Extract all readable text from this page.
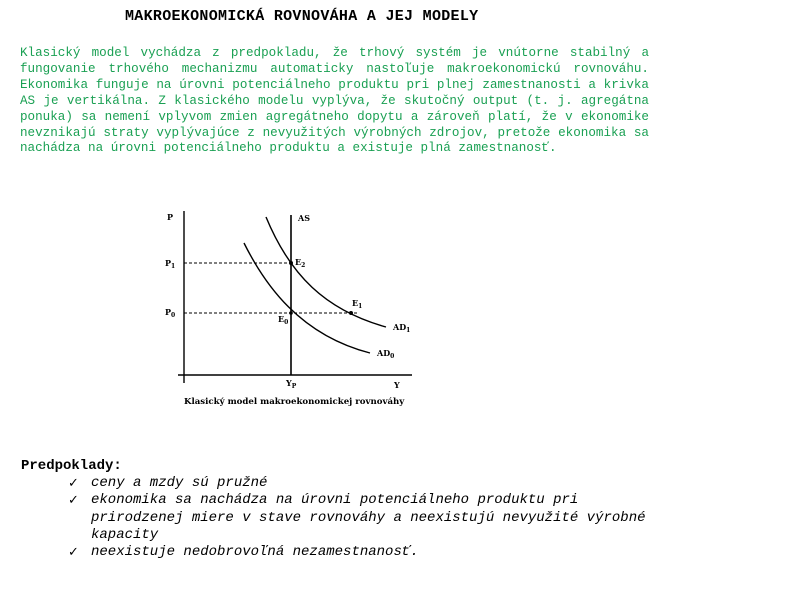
MAKROEKONOMICKÁ ROVNOVÁHA A JEJ MODELY

Klasický model vychádza z predpokladu, že trhový systém je vnútorne stabilný a fungovanie trhového mechanizmu automaticky nastoľuje makroekonomickú rovnováhu. Ekonomika funguje na úrovni potenciálneho produktu pri plnej zamestnanosti a krivka AS je vertikálna. Z klasického modelu vyplýva, že skutočný output (t. j. agregátna ponuka) sa nemení vplyvom zmien agregátneho dopytu a zároveň platí, že v ekonomike nevznikajú straty vyplývajúce z nevyužitých výrobných zdrojov, pretože ekonomika sa nachádza na úrovni potenciálneho produktu a existuje plná zamestnanosť.

P
Y
AS
P1
P0
E2
E1
E0	AD1
AD0
YP
Klasický model makroekonomickej rovnováhy
Predpoklady:
✓ ceny a mzdy sú pružné
✓ ekonomika sa nachádza na úrovni potenciálneho produktu pri prirodzenej miere v stave rovnováhy a neexistujú nevyužité výrobné kapacity
✓ neexistuje nedobrovoľná nezamestnanosť.
